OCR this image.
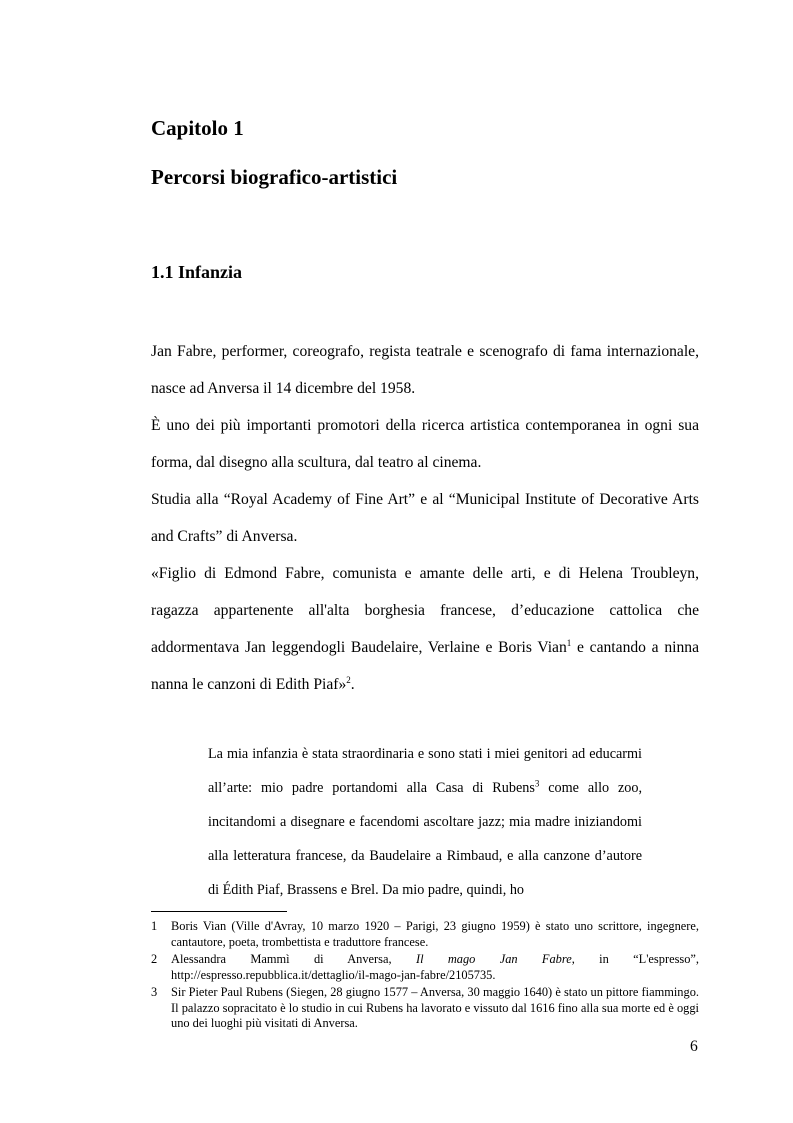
Capitolo 1
Percorsi biografico-artistici
1.1 Infanzia

Jan Fabre, performer, coreografo, regista teatrale e scenografo di fama internazionale, nasce ad Anversa il 14 dicembre del 1958.

È uno dei più importanti promotori della ricerca artistica contemporanea in ogni sua forma, dal disegno alla scultura, dal teatro al cinema.

Studia alla “Royal Academy of Fine Art” e al “Municipal Institute of Decorative Arts and Crafts” di Anversa.

«Figlio di Edmond Fabre, comunista e amante delle arti, e di Helena Troubleyn, ragazza appartenente all'alta borghesia francese, d’educazione cattolica che addormentava Jan leggendogli Baudelaire, Verlaine e Boris Vian$^1$ e cantando a ninna nanna le canzoni di Edith Piaf»$^2$.

La mia infanzia è stata straordinaria e sono stati i miei genitori ad educarmi all’arte: mio padre portandomi alla Casa di Rubens$^3$ come allo zoo, incitandomi a disegnare e facendomi ascoltare jazz; mia madre iniziandomi alla letteratura francese, da Baudelaire a Rimbaud, e alla canzone d’autore di Édith Piaf, Brassens e Brel. Da mio padre, quindi, ho
1	Boris Vian (Ville d'Avray, 10 marzo 1920 – Parigi, 23 giugno 1959) è stato uno scrittore, ingegnere, cantautore, poeta, trombettista e traduttore francese.
2	Alessandra Mammì di Anversa, Il mago Jan Fabre, in “L'espresso”, http://espresso.repubblica.it/dettaglio/il-mago-jan-fabre/2105735.
3	Sir Pieter Paul Rubens (Siegen, 28 giugno 1577 – Anversa, 30 maggio 1640) è stato un pittore fiammingo. Il palazzo sopracitato è lo studio in cui Rubens ha lavorato e vissuto dal 1616 fino alla sua morte ed è oggi uno dei luoghi più visitati di Anversa.
6
